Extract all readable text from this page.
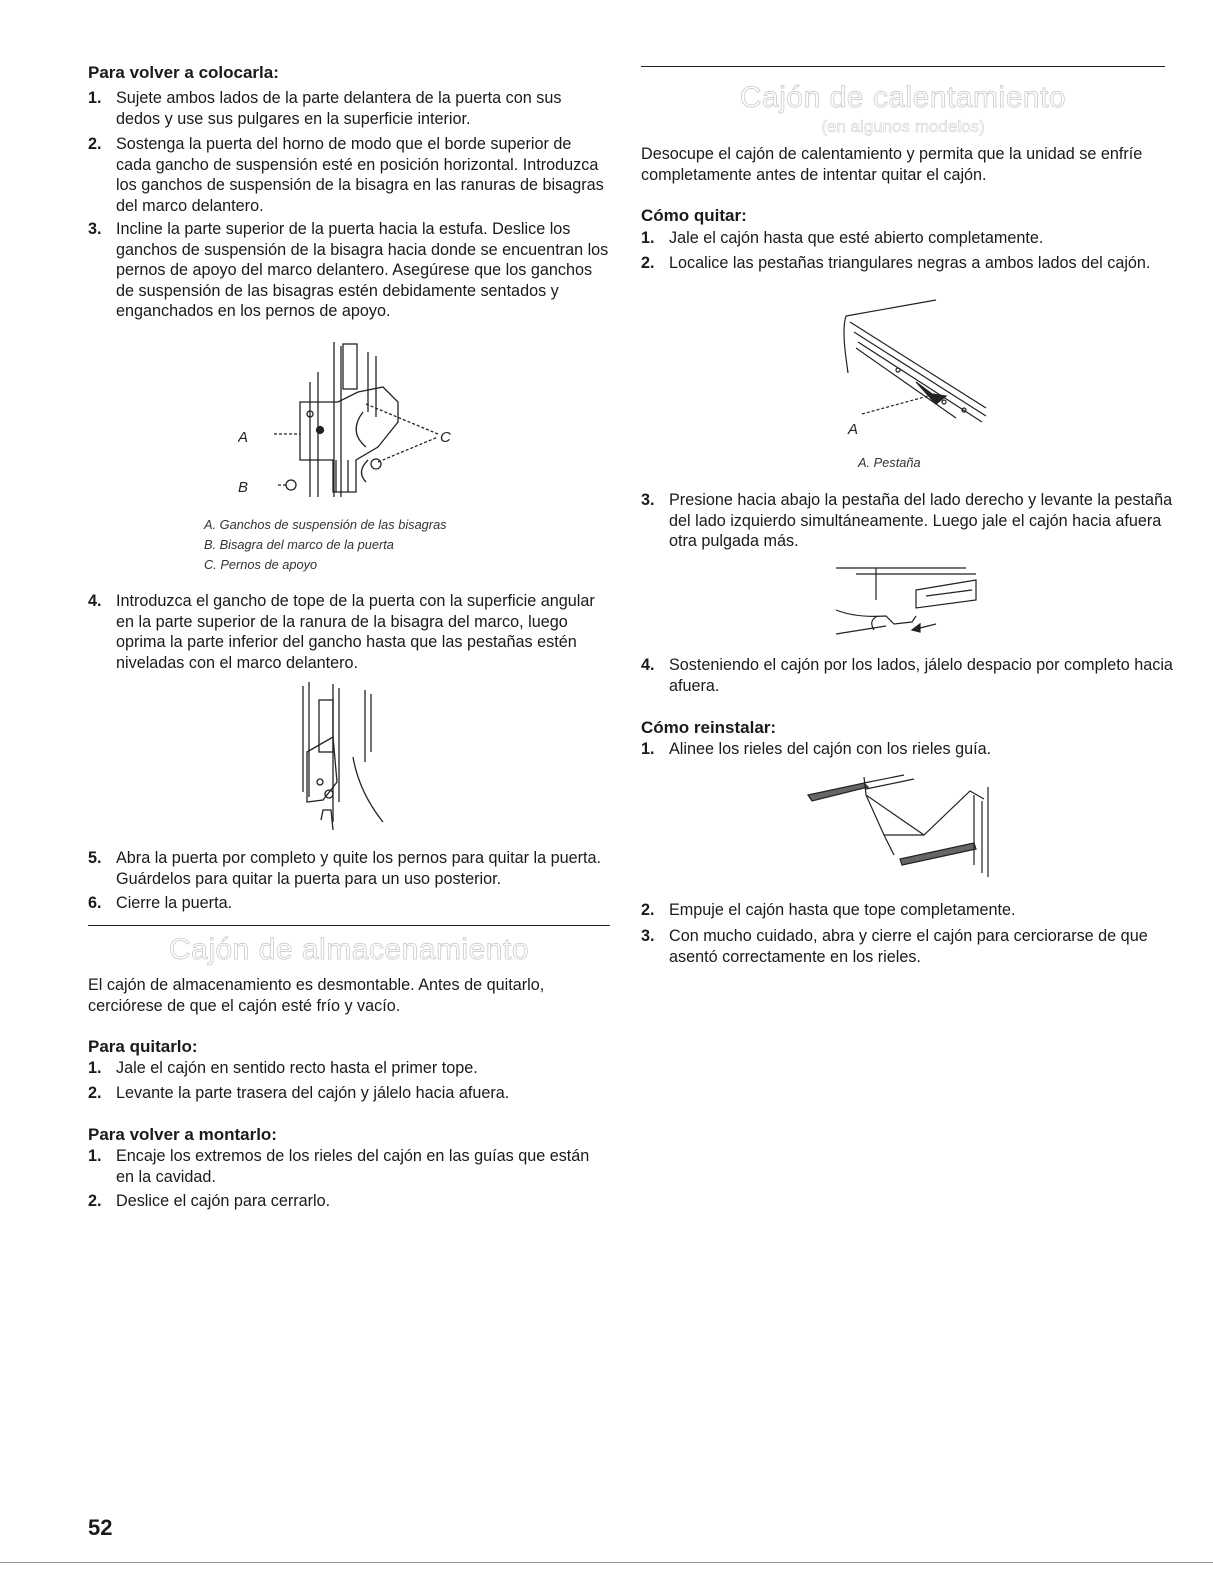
Para volver a colocarla:
1. Sujete ambos lados de la parte delantera de la puerta con sus dedos y use sus pulgares en la superficie interior.
2. Sostenga la puerta del horno de modo que el borde superior de cada gancho de suspensión esté en posición horizontal. Introduzca los ganchos de suspensión de la bisagra en las ranuras de bisagras del marco delantero.
3. Incline la parte superior de la puerta hacia la estufa. Deslice los ganchos de suspensión de la bisagra hacia donde se encuentran los pernos de apoyo del marco delantero. Asegúrese que los ganchos de suspensión de las bisagras estén debidamente sentados y enganchados en los pernos de apoyo.
A
B
C
A. Ganchos de suspensión de las bisagras
B. Bisagra del marco de la puerta
C. Pernos de apoyo
4. Introduzca el gancho de tope de la puerta con la superficie angular en la parte superior de la ranura de la bisagra del marco, luego oprima la parte inferior del gancho hasta que las pestañas estén niveladas con el marco delantero.
5. Abra la puerta por completo y quite los pernos para quitar la puerta. Guárdelos para quitar la puerta para un uso posterior.
6. Cierre la puerta.
Cajón de almacenamiento
El cajón de almacenamiento es desmontable. Antes de quitarlo, cerciórese de que el cajón esté frío y vacío.
Para quitarlo:
1. Jale el cajón en sentido recto hasta el primer tope.
2. Levante la parte trasera del cajón y jálelo hacia afuera.
Para volver a montarlo:
1. Encaje los extremos de los rieles del cajón en las guías que están en la cavidad.
2. Deslice el cajón para cerrarlo.
Cajón de calentamiento
(en algunos modelos)
Desocupe el cajón de calentamiento y permita que la unidad se enfríe completamente antes de intentar quitar el cajón.
Cómo quitar:
1. Jale el cajón hasta que esté abierto completamente.
2. Localice las pestañas triangulares negras a ambos lados del cajón.
A
A. Pestaña
3. Presione hacia abajo la pestaña del lado derecho y levante la pestaña del lado izquierdo simultáneamente. Luego jale el cajón hacia afuera otra pulgada más.
4. Sosteniendo el cajón por los lados, jálelo despacio por completo hacia afuera.
Cómo reinstalar:
1. Alinee los rieles del cajón con los rieles guía.
2. Empuje el cajón hasta que tope completamente.
3. Con mucho cuidado, abra y cierre el cajón para cerciorarse de que asentó correctamente en los rieles.
52
